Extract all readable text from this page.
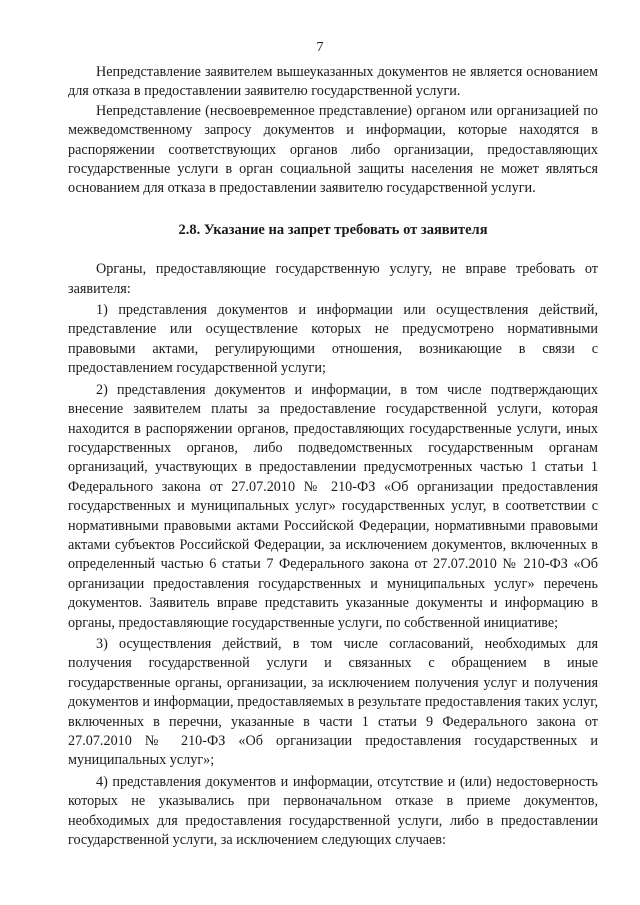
7

Непредставление заявителем вышеуказанных документов не является основанием для отказа в предоставлении заявителю государственной услуги.

Непредставление (несвоевременное представление) органом или организацией по межведомственному запросу документов и информации, которые находятся в распоряжении соответствующих органов либо организации, предоставляющих государственные услуги в орган социальной защиты населения не может являться основанием для отказа в предоставлении заявителю государственной услуги.

2.8. Указание на запрет требовать от заявителя

Органы, предоставляющие государственную услугу, не вправе требовать от заявителя:

1) представления документов и информации или осуществления действий, представление или осуществление которых не предусмотрено нормативными правовыми актами, регулирующими отношения, возникающие в связи с предоставлением государственной услуги;

2) представления документов и информации, в том числе подтверждающих внесение заявителем платы за предоставление государственной услуги, которая находится в распоряжении органов, предоставляющих государственные услуги, иных государственных органов, либо подведомственных государственным органам организаций, участвующих в предоставлении предусмотренных частью 1 статьи 1 Федерального закона от 27.07.2010 № 210-ФЗ «Об организации предоставления государственных и муниципальных услуг» государственных услуг, в соответствии с нормативными правовыми актами Российской Федерации, нормативными правовыми актами субъектов Российской Федерации, за исключением документов, включенных в определенный частью 6 статьи 7 Федерального закона от 27.07.2010 № 210-ФЗ «Об организации предоставления государственных и муниципальных услуг» перечень документов. Заявитель вправе представить указанные документы и информацию в органы, предоставляющие государственные услуги, по собственной инициативе;

3) осуществления действий, в том числе согласований, необходимых для получения государственной услуги и связанных с обращением в иные государственные органы, организации, за исключением получения услуг и получения документов и информации, предоставляемых в результате предоставления таких услуг, включенных в перечни, указанные в части 1 статьи 9 Федерального закона от 27.07.2010 № 210-ФЗ «Об организации предоставления государственных и муниципальных услуг»;

4) представления документов и информации, отсутствие и (или) недостоверность которых не указывались при первоначальном отказе в приеме документов, необходимых для предоставления государственной услуги, либо в предоставлении государственной услуги, за исключением следующих случаев:
